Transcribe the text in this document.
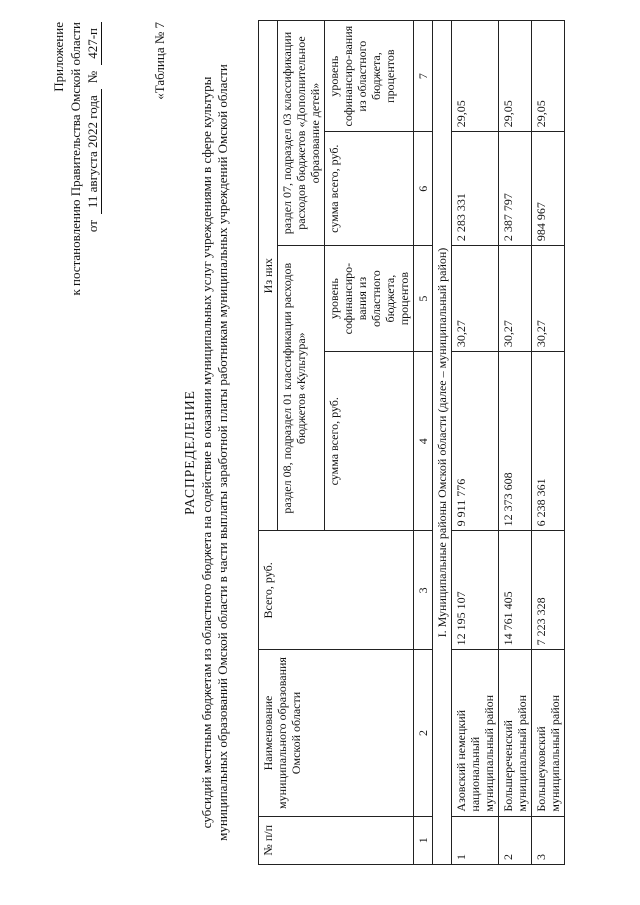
Приложение к постановлению Правительства Омской области от
11 августа 2022 года
№
427-п	«Таблица № 7
РАСПРЕДЕЛЕНИЕ субсидий местным бюджетам из областного бюджета на содействие в оказании муниципальных услуг учреждениями в сфере культуры муниципальных образований Омской области в части выплаты заработной платы работникам муниципальных учреждений Омской области	№ п/п	Наименование муниципального образования Омской области	Всего, руб.	Из них			
			раздел 08, подраздел 01 классификации расходов бюджетов «Культура»		раздел 07, подраздел 03 классификации расходов бюджетов «Дополнительное образование детей»	
			сумма всего, руб.	уровень софинансиро-вания из областного бюджета, процентов	сумма всего, руб.	уровень софинансиро-вания из областного бюджета, процентов
1	2	3	4	5	6	7
I. Муниципальные районы Омской области (далее – муниципальный район)						
1	Азовский немецкий национальный муниципальный район	12 195 107	9 911 776	30,27	2 283 331	29,05
2	Большереченский муниципальный район	14 761 405	12 373 608	30,27	2 387 797	29,05
3	Большеуковский муниципальный район	7 223 328	6 238 361	30,27	984 967	29,05
